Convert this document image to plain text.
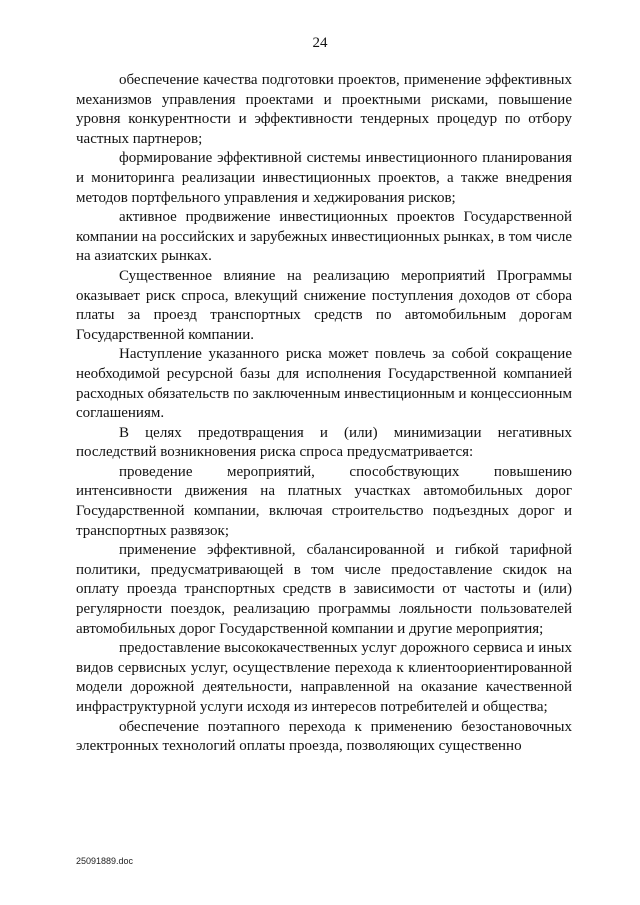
24

обеспечение качества подготовки проектов, применение эффективных механизмов управления проектами и проектными рисками, повышение уровня конкурентности и эффективности тендерных процедур по отбору частных партнеров;

формирование эффективной системы инвестиционного планирования и мониторинга реализации инвестиционных проектов, а также внедрения методов портфельного управления и хеджирования рисков;

активное продвижение инвестиционных проектов Государственной компании на российских и зарубежных инвестиционных рынках, в том числе на азиатских рынках.

Существенное влияние на реализацию мероприятий Программы оказывает риск спроса, влекущий снижение поступления доходов от сбора платы за проезд транспортных средств по автомобильным дорогам Государственной компании.

Наступление указанного риска может повлечь за собой сокращение необходимой ресурсной базы для исполнения Государственной компанией расходных обязательств по заключенным инвестиционным и концессионным соглашениям.

В целях предотвращения и (или) минимизации негативных последствий возникновения риска спроса предусматривается:

проведение мероприятий, способствующих повышению интенсивности движения на платных участках автомобильных дорог Государственной компании, включая строительство подъездных дорог и транспортных развязок;

применение эффективной, сбалансированной и гибкой тарифной политики, предусматривающей в том числе предоставление скидок на оплату проезда транспортных средств в зависимости от частоты и (или) регулярности поездок, реализацию программы лояльности пользователей автомобильных дорог Государственной компании и другие мероприятия;

предоставление высококачественных услуг дорожного сервиса и иных видов сервисных услуг, осуществление перехода к клиентоориентированной модели дорожной деятельности, направленной на оказание качественной инфраструктурной услуги исходя из интересов потребителей и общества;

обеспечение поэтапного перехода к применению безостановочных электронных технологий оплаты проезда, позволяющих существенно

25091889.doc
